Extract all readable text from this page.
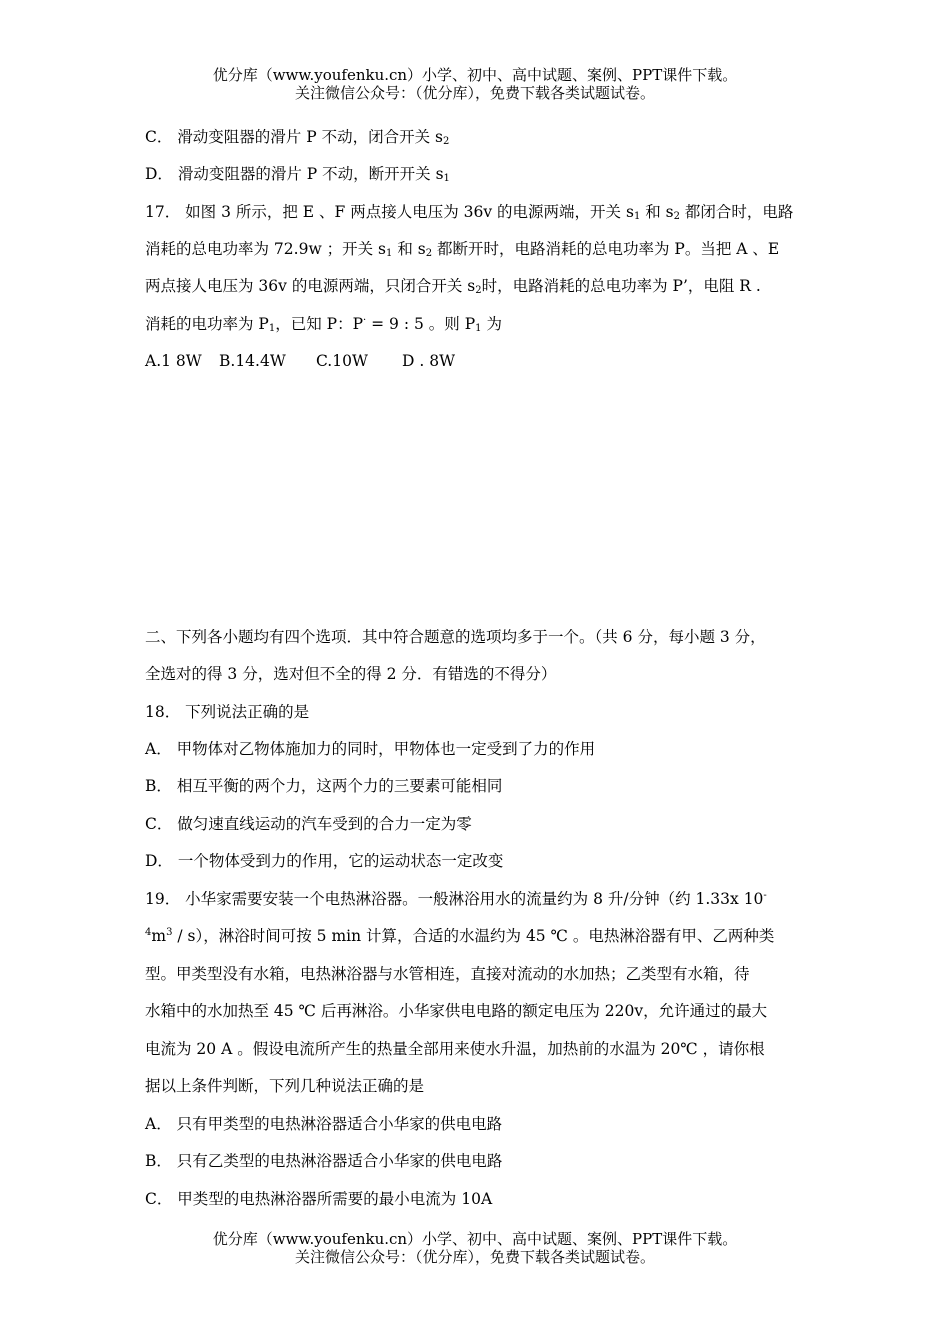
优分库（www.youfenku.cn）小学、初中、高中试题、案例、PPT课件下载。
关注微信公众号：（优分库），免费下载各类试题试卷。
C． 滑动变阻器的滑片 P 不动，闭合开关 $s_2$
D． 滑动变阻器的滑片 P 不动，断开开关 $s_1$
17． 如图 3 所示，把 E 、F 两点接人电压为 36v 的电源两端，开关 $s_1$ 和 $s_2$ 都闭合时，电路
消耗的总电功率为 72.9w ；开关 $s_1$ 和 $s_2$ 都断开时，电路消耗的总电功率为 P。当把 A 、E
两点接人电压为 36v 的电源两端，只闭合开关 $s_2$时，电路消耗的总电功率为 P’，电阻 R .
消耗的电功率为 $P_1$，已知 P：P· = 9 : 5 。则 $P_1$ 为
A.1 8W B.14.4W C.10W D . 8W
二、下列各小题均有四个选项．其中符合题意的选项均多于一个。（共 6 分，每小题 3 分，
全选对的得 3 分，选对但不全的得 2 分．有错选的不得分）
18． 下列说法正确的是
A． 甲物体对乙物体施加力的同时，甲物体也一定受到了力的作用
B． 相互平衡的两个力，这两个力的三要素可能相同
C． 做匀速直线运动的汽车受到的合力一定为零
D． 一个物体受到力的作用，它的运动状态一定改变
19． 小华家需要安装一个电热淋浴器。一般淋浴用水的流量约为 8 升/分钟（约 1.33x 10-
$^4m^3 / s$），淋浴时间可按 5 min 计算，合适的水温约为 45 ℃ 。电热淋浴器有甲、乙两种类
型。甲类型没有水箱，电热淋浴器与水管相连，直接对流动的水加热；乙类型有水箱，待
水箱中的水加热至 45 ℃ 后再淋浴。小华家供电电路的额定电压为 220v，允许通过的最大
电流为 20 A 。假设电流所产生的热量全部用来使水升温，加热前的水温为 20℃ ，请你根
据以上条件判断，下列几种说法正确的是
A． 只有甲类型的电热淋浴器适合小华家的供电电路
B． 只有乙类型的电热淋浴器适合小华家的供电电路
C． 甲类型的电热淋浴器所需要的最小电流为 10A
优分库（www.youfenku.cn）小学、初中、高中试题、案例、PPT课件下载。
关注微信公众号：（优分库），免费下载各类试题试卷。
